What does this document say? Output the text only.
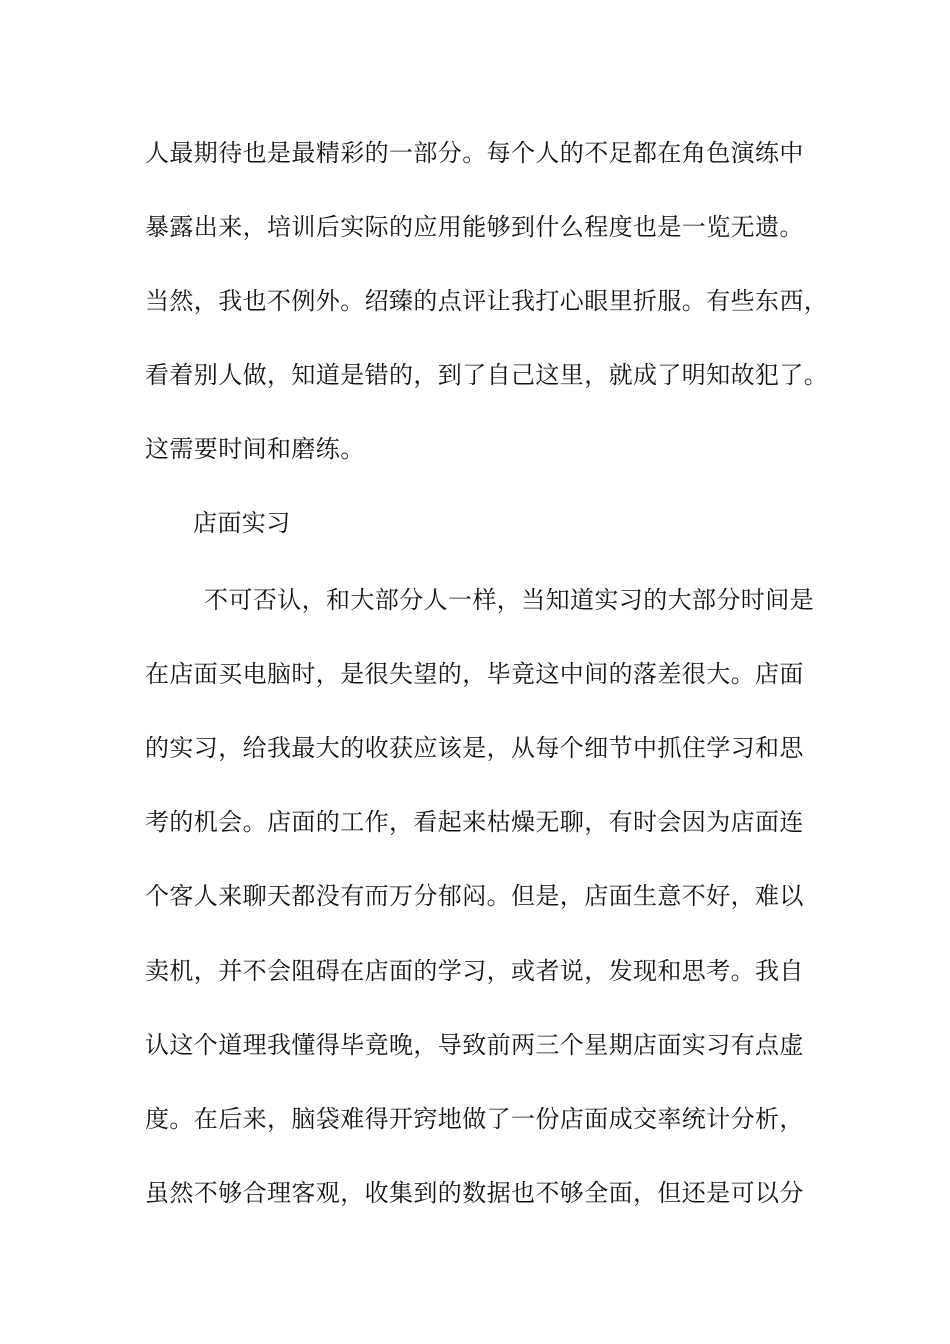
人最期待也是最精彩的一部分。每个人的不足都在角色演练中
暴露出来，培训后实际的应用能够到什么程度也是一览无遗。
当然，我也不例外。绍臻的点评让我打心眼里折服。有些东西，
看着别人做，知道是错的，到了自己这里，就成了明知故犯了。
这需要时间和磨练。
店面实习
不可否认，和大部分人一样，当知道实习的大部分时间是
在店面买电脑时，是很失望的，毕竟这中间的落差很大。店面
的实习，给我最大的收获应该是，从每个细节中抓住学习和思
考的机会。店面的工作，看起来枯燥无聊，有时会因为店面连
个客人来聊天都没有而万分郁闷。但是，店面生意不好，难以
卖机，并不会阻碍在店面的学习，或者说，发现和思考。我自
认这个道理我懂得毕竟晚，导致前两三个星期店面实习有点虚
度。在后来，脑袋难得开窍地做了一份店面成交率统计分析，
虽然不够合理客观，收集到的数据也不够全面，但还是可以分
